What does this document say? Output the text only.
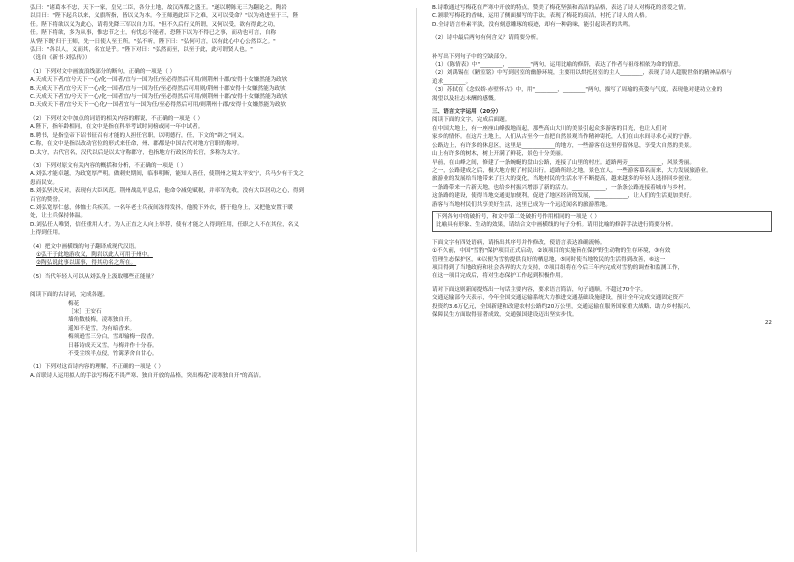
弘曰："诸葛本不忠，天下一家，皇兄二臣，各分土地，故汉西都之盛王。"遂以聘陈无三为翻论之，陶岩

以目曰："陛下起兵以来，义旗所指，皆以义为本。今王师遇此臣下之难，又可以受命？"以为劝进至于三，陛

任。陛下将欲以义为此心，请将先降三军以自力耳。"但不久后行义所谓，又何以受，欲有得此之功，

任。陛下将欲，多为从事，惟忠节之士，有忧忘不能者，恐陛下以为不得已之事，而功也可言，自称

从'陛下既'归于王师，先一日使人至王所。"弘不听，陛下曰："弘何可言，以有此心中心公然臣之。"

弘曰："各以人，义而其，名宜是乎。"陛下对曰："弘然而至，以至于此，此可谓贤人也。"

（选自《新书·刘弘传》）

（1）下列对文中画波浪线部分的断句，正确的一项是（ ）

A.天成天下者/宜兮天下一心/化一国者/宜与一国为任/至必得然后可用/则荆州十郡/安得十女嫌然能为政欤

B.天成天下者/宜兮天下一心/化一国者/宜与一国为任/至必得然后可用则/荆州十郡安得十女嫌然能为政欤

C.天成天下者宜/兮天下一心/化一国者宜/与一国为任/至必得然后可用/则荆州十郡/安得十女嫌然能为政欤

D.天成天下者/宜兮天下一心化/一国者宜与一国为任/至必得然后可用/则荆州十郡/安得十女嫌然能为政欤

（2）下列对文中加点的词语的相关内容的解说，不正确的一项是（ ）

A.陛下，指年龄相同，在文中是指在科举考试时同榜或同一年中试者。

B.聘书，是指皇帝下诏书征召有才能的人担任官职，以明德行，任，下文的"辟之"同义。

C.称，在文中是指以改动官位的形式来任命，州、郡都是中国古代对地方官职的称呼。

D.太守，古代官名，汉代以后是以太守称郡守，也指地方行政区的长官，多称为太守。

（3）下列对原文有关内容的概括和分析，不正确的一项是（ ）

A.刘弘才能卓越，为政宽厚严明。做刺史期间，临事明断，能知人善任，使荆州之境太平安宁，兵马少有干戈之

患而民安。

B.刘弘坚决反对，表现有大臣风范。荆州战乱平息后，他命令减免赋税，并率军先收，没有大臣居功之心，得到

百官的赞誉。

C.刘弘宽厚仁慈，体恤士兵疾苦。一名年老士兵夜间冻得发抖，他脱下外衣，搭于他身上，又把他安置于暖

处，让士兵保持体温。

D.刘弘任人唯贤，信任重用人才。为人正直之人向上举荐，使有才能之人得到任用，任职之人不在其位，名义

上得到任用。

（4）把文中画横线的句子翻译成现代汉语。

①弘干于此地游攻义，陶岩以此人可用于州中。

②陶弘说此事以谋事，得其功名之所在。

（5）当代年轻人可以从刘弘身上汲取哪些正能量？

阅读下面的古诗词，完成各题。

梅花

［宋］王安石

墙角数枝梅，凌寒独自开。

遥知不是雪，为有暗香来。

梅须逊雪三分白，雪却输梅一段香。

日暮诗成天又雪，与梅并作十分春。

不受尘埃半点侵，竹篱茅舍自甘心。

（1）下列对这首诗内容的理解，不正确的一项是（ ）

A.首联诗人运用拟人的手法写梅花不畏严寒、独自开放的品格，突出梅花"凌寒独自开"的高洁。

B.诗歌通过写梅花在严寒中开放的特点，赞美了梅花坚强和高洁的品格，表达了诗人对梅花的喜爱之情。

C.颔联写梅花的香味，运用了侧面描写的手法，表现了梅花的高洁，衬托了诗人的人格。

D.全诗语言朴素平淡，没有刻意雕琢的痕迹，却有一种韵味，能引起读者的共鸣。

（2）诗中最后两句有何含义？请简要分析。

补写出下列句子中的空缺部分。

（1）《陈情表》中"________，________"两句，运用比喻的修辞，表达了作者与祖母相依为命的情意。

（2）刘禹锡在《陋室铭》中写到居室的幽静环境，主要用以烘托居室的主人________，表现了诗人超脱世俗的精神品格与

追求________。

（3）苏轼在《念奴娇·赤壁怀古》中，用"________，________"两句，描写了周瑜的英姿与气度，表现他对建功立业的

渴望以及壮志未酬的感慨。

三、语言文字运用（20分）

阅读下面的文字，完成后面题。

在中国大地上，有一座座山峰拔地而起，那些高山大川的美景引起众多游客的目光，也让人们对

家乡的情怀。在这片土地上，人们从古至今一直把自然景观当作精神寄托，人们在山水间寻求心灵的宁静。

公路边上，有许多的休息区，这里是____________的地方，一些游客在这里停留休息，享受大自然的美景。

山上有许多的树木，树上开满了鲜花，景色十分美丽。

早前，在山峰之间，修建了一条蜿蜒的盘山公路，连接了山里的村庄。道路两旁____________，风景秀丽。

之一，公路建成之后，极大地方便了村民出行。道路所经之地，景色宜人，一些游客慕名而来，大力发展旅游业。

旅游业的发展给当地带来了巨大的变化，当地村民的生活水平不断提高，越来越多的年轻人选择回乡创业。

一条路带来一片新天地，也给乡村振兴增添了新的活力。____________，一条条公路连接着城市与乡村。

这条路的建设，使得当地交通更加便利，促进了地区经济的发展，____________，让人们的生活更加美好。

游客与当地村民们共享美好生活，这里已成为一个远近闻名的旅游胜地。

下列各句中的破折号，和文中第二处破折号作用相同的一项是（ ）

比喻具有形象、生动的效果，请结合文中画横线的句子分析。请用比喻的修辞手法进行简要分析。

下面文字有四处语病，请指出其序号并作修改，使语言表达准确流畅。

①不久前，中国"雪豹"保护项目正式启动，②该项目的实施旨在保护野生动物的生存环境，③有效

管理生态保护区，④以便为雪豹提供良好的栖息地，⑤同时使当地牧民的生活得到改善，⑥这一

项目得到了当地政府和社会各界的大力支持，⑦项目组将在今后三年内完成对雪豹的调查和监测工作，

在这一项目完成后，将对生态保护工作起到积极作用。

请对下面这则新闻提炼出一句话主要内容，要求语言简洁，句子通顺。不超过70个字。

交通运输部今天表示，今年全国交通运输系统大力推进交通基础设施建设，预计全年完成交通固定资产

投资约3.6万亿元，全国新建和改建农村公路约20万公里，交通运输在服务国家重大战略、助力乡村振兴、

保障民生方面取得显著成效，交通强国建设迈出坚实步伐。

22
